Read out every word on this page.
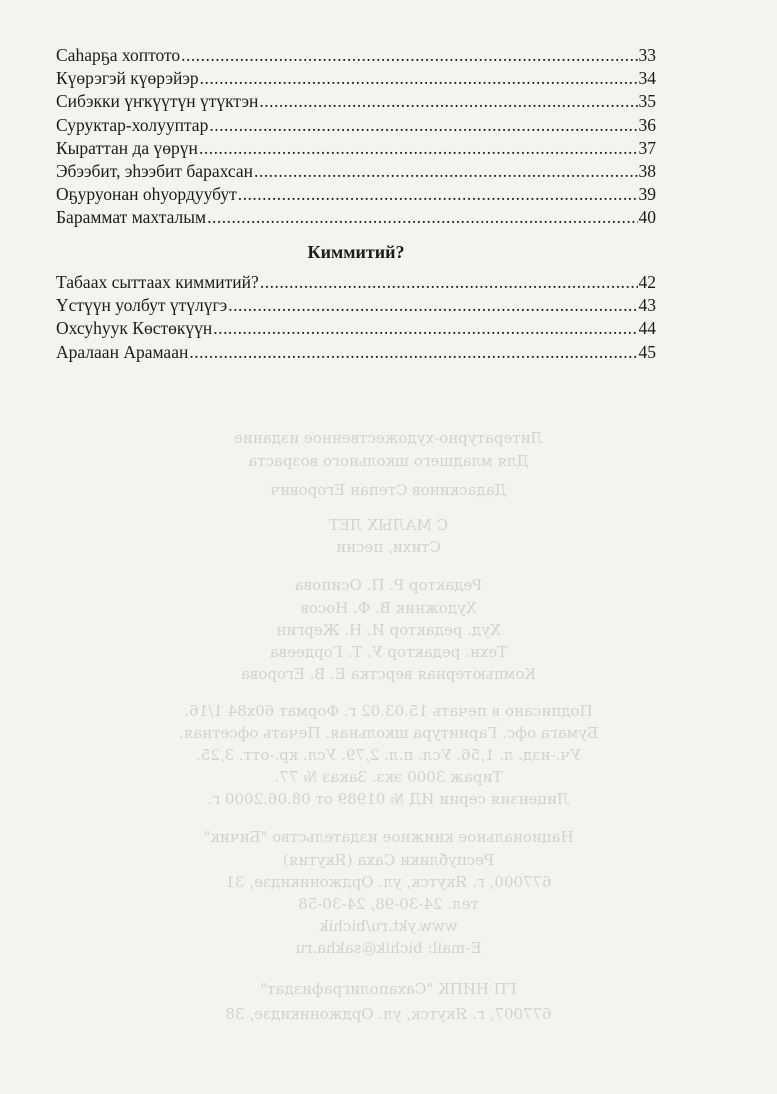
Литературно-художественное издание
Для младшего школьного возраста
Дадаскинов Степан Егорович
С МАЛЫХ ЛЕТ
Стихи, песни
Редактор Р. П. Осипова
Художник В. Ф. Носов
Худ. редактор И. Н. Жергин
Техн. редактор У. Т. Гордеева
Компьютерная верстка Е. В. Егорова
Подписано в печать 15.03.02 г. Формат 60х84 1/16.
Бумага офс. Гарнитура школьная. Печать офсетная.
Уч.-изд. л. 1,56. Усл. п.л. 2,79. Усл. кр.-отт. 3,25.
Тираж 3000 экз. Заказ № 77.
Лицензия серии ИД № 01989 от 08.06.2000 г.
Национальное книжное издательство "Бичик"
Республики Саха (Якутия)
677000, г. Якутск, ул. Орджоникидзе, 31
тел. 24-30-98, 24-30-58
www.ykt.ru/bichik
E-mail: bichik@sakha.ru
ГП НИПК "Сахаполиграфиздат"
677007, г. Якутск, ул. Орджоникидзе, 38
Саһарҕа хоптото .....	33
Күөрэгэй күөрэйэр .....	34
Сибэкки үҥкүүтүн үтүктэн .....	35
Суруктар-холууптар .....	36
Кыраттан да үөрүн .....	37
Эбээбит, эһээбит барахсан .....	38
Оҕуруонан оһуордуубут .....	39
Бараммат махталым .....	40
Киммитий?
Табаах сыттаах киммитий? .....	42
Үстүүн уолбут үтүлүгэ .....	43
Охсуһуук Көстөкүүн .....	44
Аралаан Арамаан .....	45
